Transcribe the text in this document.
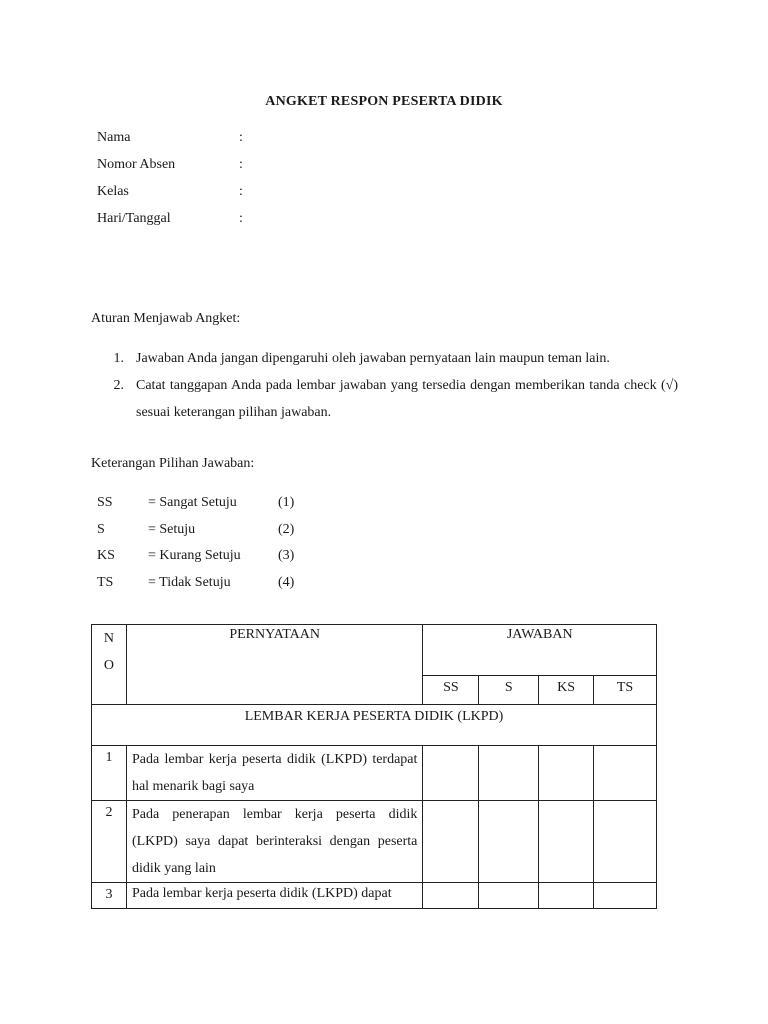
ANGKET RESPON PESERTA DIDIK
Nama	:
Nomor Absen	:
Kelas	:
Hari/Tanggal	:
Aturan Menjawab Angket:
1. Jawaban Anda jangan dipengaruhi oleh jawaban pernyataan lain maupun teman lain.
2. Catat tanggapan Anda pada lembar jawaban yang tersedia dengan memberikan tanda check (√) sesuai keterangan pilihan jawaban.
Keterangan Pilihan Jawaban:
SS	= Sangat Setuju	(1)
S	= Setuju	(2)
KS	= Kurang Setuju	(3)
TS	= Tidak Setuju	(4)
N
O	PERNYATAAN	JAWABAN			
		SS	S	KS	TS
LEMBAR KERJA PESERTA DIDIK (LKPD)					
1	Pada lembar kerja peserta didik (LKPD) terdapat hal menarik bagi saya				
2	Pada penerapan lembar kerja peserta didik (LKPD) saya dapat berinteraksi dengan peserta didik yang lain				
3	Pada lembar kerja peserta didik (LKPD) dapat				
